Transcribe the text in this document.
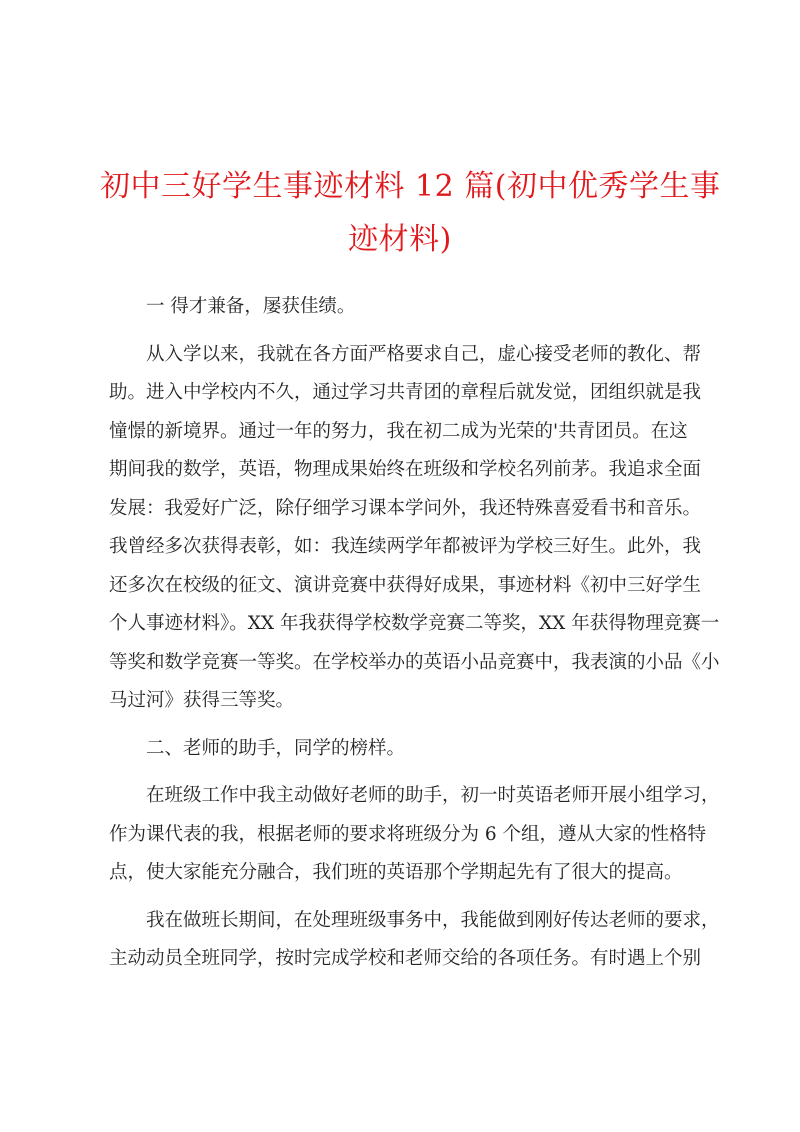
初中三好学生事迹材料 12 篇(初中优秀学生事
迹材料)

一 得才兼备，屡获佳绩。

从入学以来，我就在各方面严格要求自己，虚心接受老师的教化、帮
助。进入中学校内不久，通过学习共青团的章程后就发觉，团组织就是我
憧憬的新境界。通过一年的努力，我在初二成为光荣的'共青团员。在这
期间我的数学，英语，物理成果始终在班级和学校名列前茅。我追求全面
发展：我爱好广泛，除仔细学习课本学问外，我还特殊喜爱看书和音乐。
我曾经多次获得表彰，如：我连续两学年都被评为学校三好生。此外，我
还多次在校级的征文、演讲竞赛中获得好成果，事迹材料《初中三好学生
个人事迹材料》。XX 年我获得学校数学竞赛二等奖，XX 年获得物理竞赛一
等奖和数学竞赛一等奖。在学校举办的英语小品竞赛中，我表演的小品《小
马过河》获得三等奖。

二、老师的助手，同学的榜样。

在班级工作中我主动做好老师的助手，初一时英语老师开展小组学习，
作为课代表的我，根据老师的要求将班级分为 6 个组，遵从大家的性格特
点，使大家能充分融合，我们班的英语那个学期起先有了很大的提高。

我在做班长期间，在处理班级事务中，我能做到刚好传达老师的要求，
主动动员全班同学，按时完成学校和老师交给的各项任务。有时遇上个别
